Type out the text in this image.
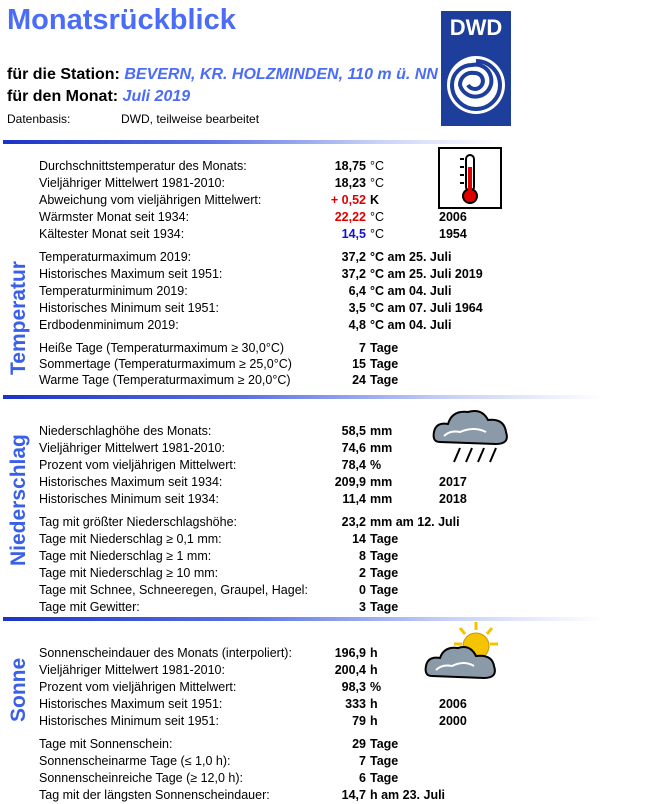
Monatsrückblick
für die Station: BEVERN, KR. HOLZMINDEN, 110 m ü. NN
für den Monat: Juli 2019
Datenbasis:	DWD, teilweise bearbeitet
DWD
Temperatur
Niederschlag
Sonne
Durchschnittstemperatur des Monats:	18,75 °C
Vieljähriger Mittelwert 1981-2010:	18,23 °C
Abweichung vom vieljährigen Mittelwert:	+ 0,52 K
Wärmster Monat seit 1934:	22,22 °C	2006
Kältester Monat seit 1934:	14,5 °C	1954
Temperaturmaximum 2019:	37,2 °C am 25. Juli
Historisches Maximum seit 1951:	37,2 °C am 25. Juli 2019
Temperaturminimum 2019:	6,4 °C am 04. Juli
Historisches Minimum seit 1951:	3,5 °C am 07. Juli 1964
Erdbodenminimum 2019:	4,8 °C am 04. Juli
Heiße Tage (Temperaturmaximum ≥ 30,0°C)	7 Tage
Sommertage (Temperaturmaximum ≥ 25,0°C)	15 Tage
Warme Tage (Temperaturmaximum ≥ 20,0°C)	24 Tage
Niederschlaghöhe des Monats:	58,5 mm
Vieljähriger Mittelwert 1981-2010:	74,6 mm
Prozent vom vieljährigen Mittelwert:	78,4 %
Historisches Maximum seit 1934:	209,9 mm	2017
Historisches Minimum seit 1934:	11,4 mm	2018
Tag mit größter Niederschlagshöhe:	23,2 mm am 12. Juli
Tage mit Niederschlag ≥ 0,1 mm:	14 Tage
Tage mit Niederschlag ≥ 1 mm:	8 Tage
Tage mit Niederschlag ≥ 10 mm:	2 Tage
Tage mit Schnee, Schneeregen, Graupel, Hagel:	0 Tage
Tage mit Gewitter:	3 Tage
Sonnenscheindauer des Monats (interpoliert):	196,9 h
Vieljähriger Mittelwert 1981-2010:	200,4 h
Prozent vom vieljährigen Mittelwert:	98,3 %
Historisches Maximum seit 1951:	333 h	2006
Historisches Minimum seit 1951:	79 h	2000
Tage mit Sonnenschein:	29 Tage
Sonnenscheinarme Tage (≤ 1,0 h):	7 Tage
Sonnenscheinreiche Tage (≥ 12,0 h):	6 Tage
Tag mit der längsten Sonnenscheindauer:	14,7 h am 23. Juli
